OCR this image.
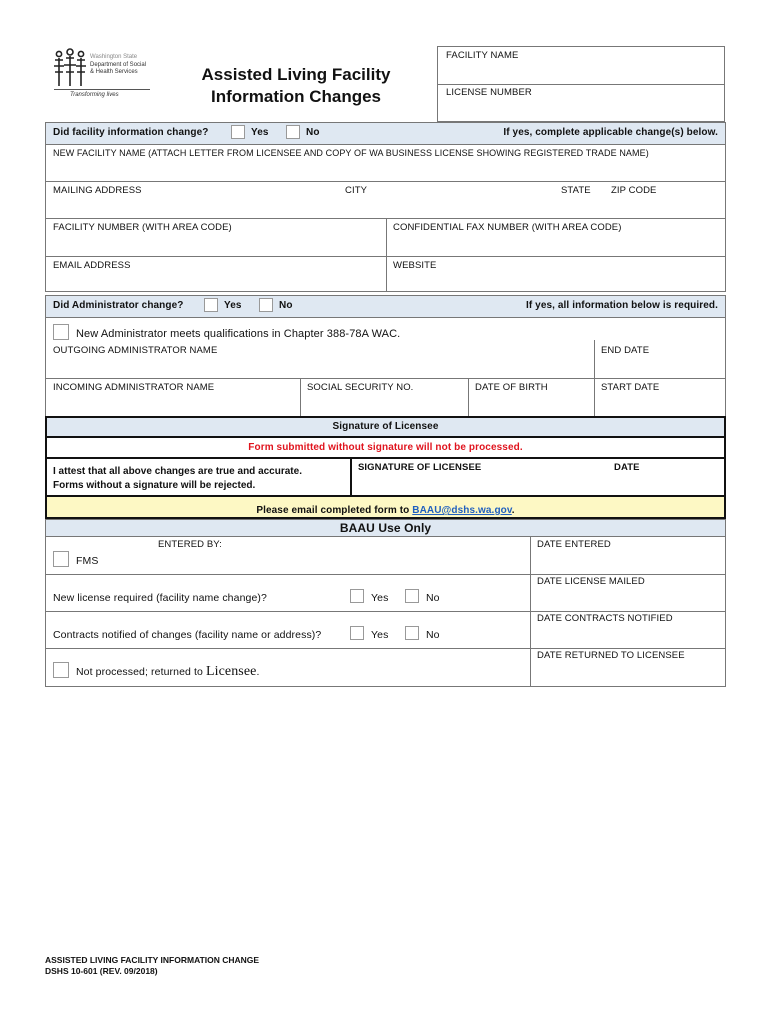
Washington State
Department of Social
& Health Services
Transforming lives
Assisted Living Facility
Information Changes
FACILITY NAME
LICENSE NUMBER
Did facility information change?	Yes	No	If yes, complete applicable change(s) below.
NEW FACILITY NAME (ATTACH LETTER FROM LICENSEE AND COPY OF WA BUSINESS LICENSE SHOWING REGISTERED TRADE NAME)
MAILING ADDRESS	CITY	STATE ZIP CODE
FACILITY NUMBER (WITH AREA CODE)	CONFIDENTIAL FAX NUMBER (WITH AREA CODE)
EMAIL ADDRESS	WEBSITE
Did Administrator change?	Yes	No	If yes, all information below is required.
New Administrator meets qualifications in Chapter 388-78A WAC.
OUTGOING ADMINISTRATOR NAME	END DATE
INCOMING ADMINISTRATOR NAME	SOCIAL SECURITY NO.	DATE OF BIRTH	START DATE
Signature of Licensee
Form submitted without signature will not be processed.
I attest that all above changes are true and accurate.
Forms without a signature will be rejected.
SIGNATURE OF LICENSEE	DATE
Please email completed form to BAAU@dshs.wa.gov.
BAAU Use Only
ENTERED BY:	DATE ENTERED
FMS
DATE LICENSE MAILED
New license required (facility name change)?	Yes	No
DATE CONTRACTS NOTIFIED
Contracts notified of changes (facility name or address)?	Yes	No
DATE RETURNED TO LICENSEE
Not processed; returned to Licensee.
ASSISTED LIVING FACILITY INFORMATION CHANGE
DSHS 10-601 (REV. 09/2018)
